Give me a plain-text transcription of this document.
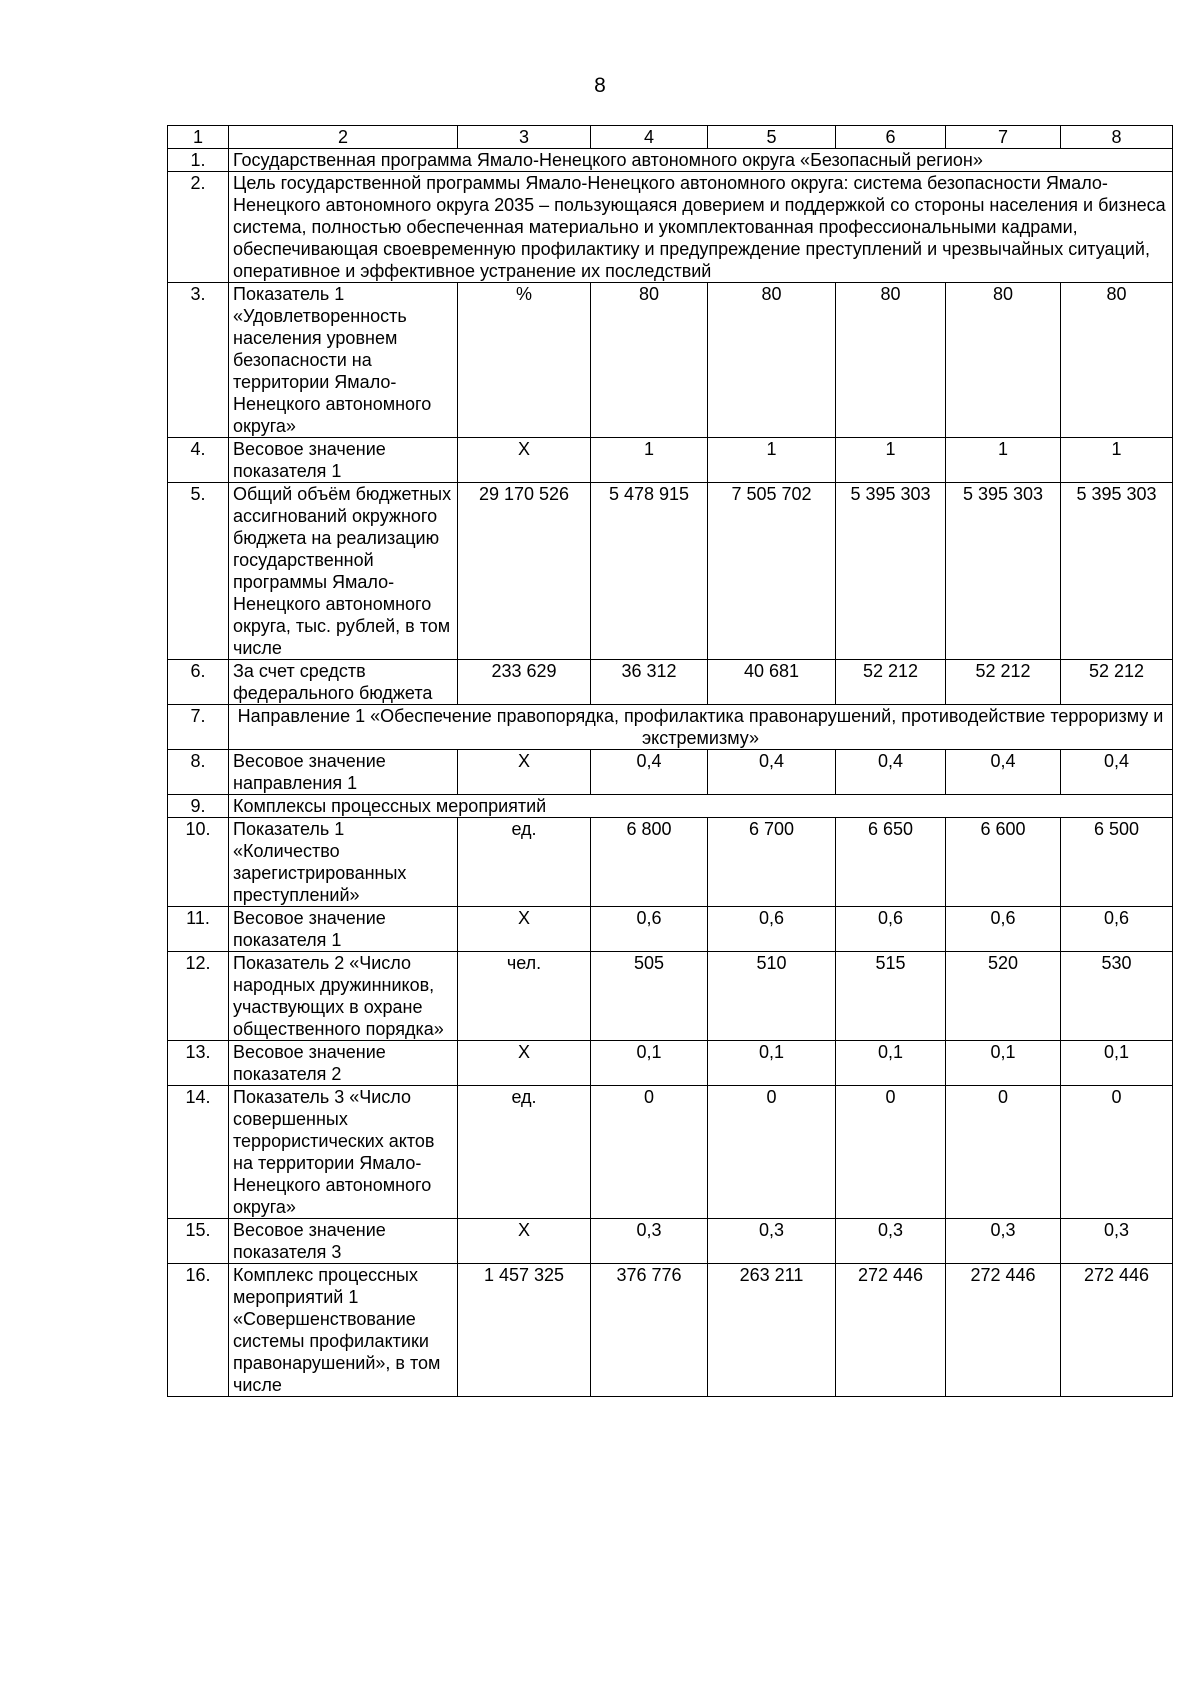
8
1	2	3	4	5	6	7	8
1.	Государственная программа Ямало-Ненецкого автономного округа «Безопасный регион»						
2.	Цель государственной программы Ямало-Ненецкого автономного округа: система безопасности Ямало-Ненецкого автономного округа 2035 – пользующаяся доверием и поддержкой со стороны населения и бизнеса система, полностью обеспеченная материально и укомплектованная профессиональными кадрами, обеспечивающая своевременную профилактику и предупреждение преступлений и чрезвычайных ситуаций, оперативное и эффективное устранение их последствий						
3.	Показатель 1 «Удовлетворенность населения уровнем безопасности на территории Ямало-Ненецкого автономного округа»	%	80	80	80	80	80
4.	Весовое значение показателя 1	Х	1	1	1	1	1
5.	Общий объём бюджетных ассигнований окружного бюджета на реализацию государственной программы Ямало-Ненецкого автономного округа, тыс. рублей, в том числе	29 170 526	5 478 915	7 505 702	5 395 303	5 395 303	5 395 303
6.	За счет средств федерального бюджета	233 629	36 312	40 681	52 212	52 212	52 212
7.	Направление 1 «Обеспечение правопорядка, профилактика правонарушений, противодействие терроризму и экстремизму»						
8.	Весовое значение направления 1	Х	0,4	0,4	0,4	0,4	0,4
9.	Комплексы процессных мероприятий						
10.	Показатель 1 «Количество зарегистрированных преступлений»	ед.	6 800	6 700	6 650	6 600	6 500
11.	Весовое значение показателя 1	Х	0,6	0,6	0,6	0,6	0,6
12.	Показатель 2 «Число народных дружинников, участвующих в охране общественного порядка»	чел.	505	510	515	520	530
13.	Весовое значение показателя 2	Х	0,1	0,1	0,1	0,1	0,1
14.	Показатель 3 «Число совершенных террористических актов на территории Ямало-Ненецкого автономного округа»	ед.	0	0	0	0	0
15.	Весовое значение показателя 3	Х	0,3	0,3	0,3	0,3	0,3
16.	Комплекс процессных мероприятий 1 «Совершенствование системы профилактики правонарушений», в том числе	1 457 325	376 776	263 211	272 446	272 446	272 446
